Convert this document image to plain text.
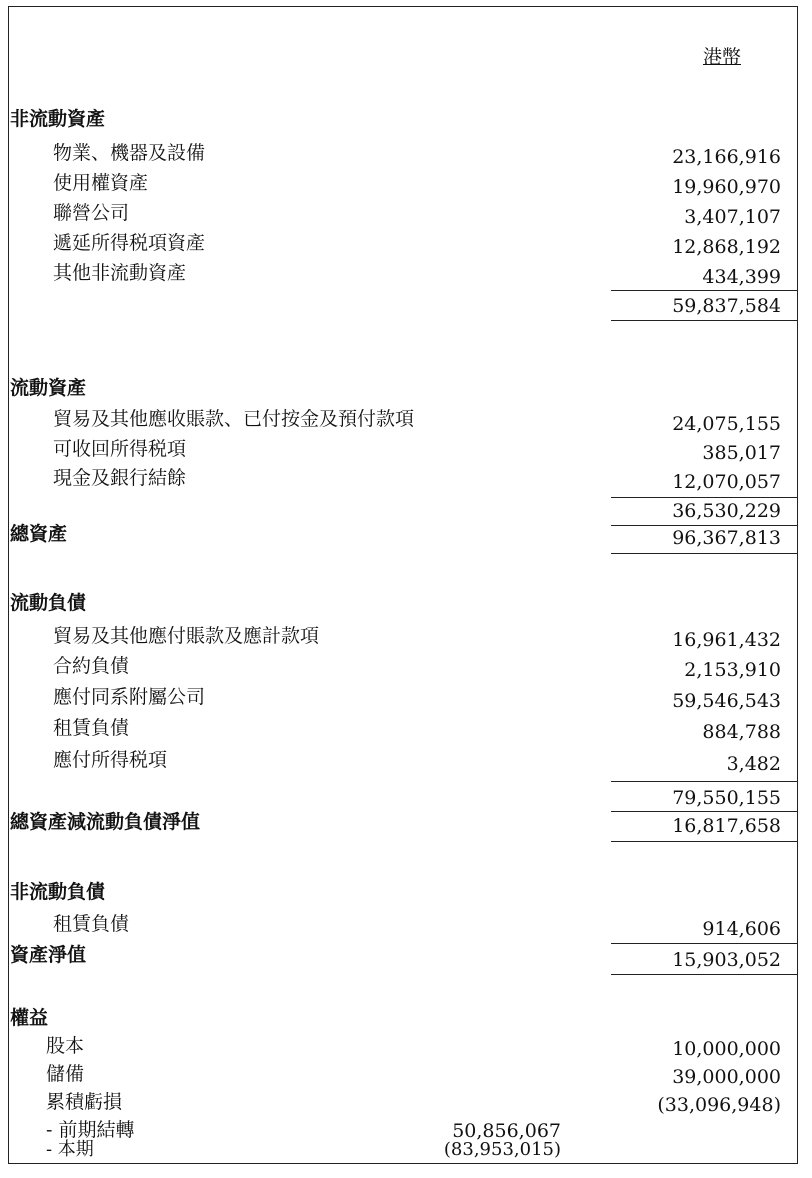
港幣
非流動資產
物業、機器及設備	23,166,916
使用權資產	19,960,970
聯營公司	3,407,107
遞延所得税項資產	12,868,192
其他非流動資產	434,399
59,837,584
流動資產
貿易及其他應收賬款、已付按金及預付款項	24,075,155
可收回所得税項	385,017
現金及銀行結餘	12,070,057
36,530,229
總資產	96,367,813
流動負債
貿易及其他應付賬款及應計款項	16,961,432
合約負債	2,153,910
應付同系附屬公司	59,546,543
租賃負債	884,788
應付所得税項	3,482
79,550,155
總資產減流動負債淨值	16,817,658
非流動負債
租賃負債	914,606
資產淨值	15,903,052
權益
股本	10,000,000
儲備	39,000,000
累積虧損	(33,096,948)
- 前期結轉	50,856,067
- 本期	(83,953,015)
